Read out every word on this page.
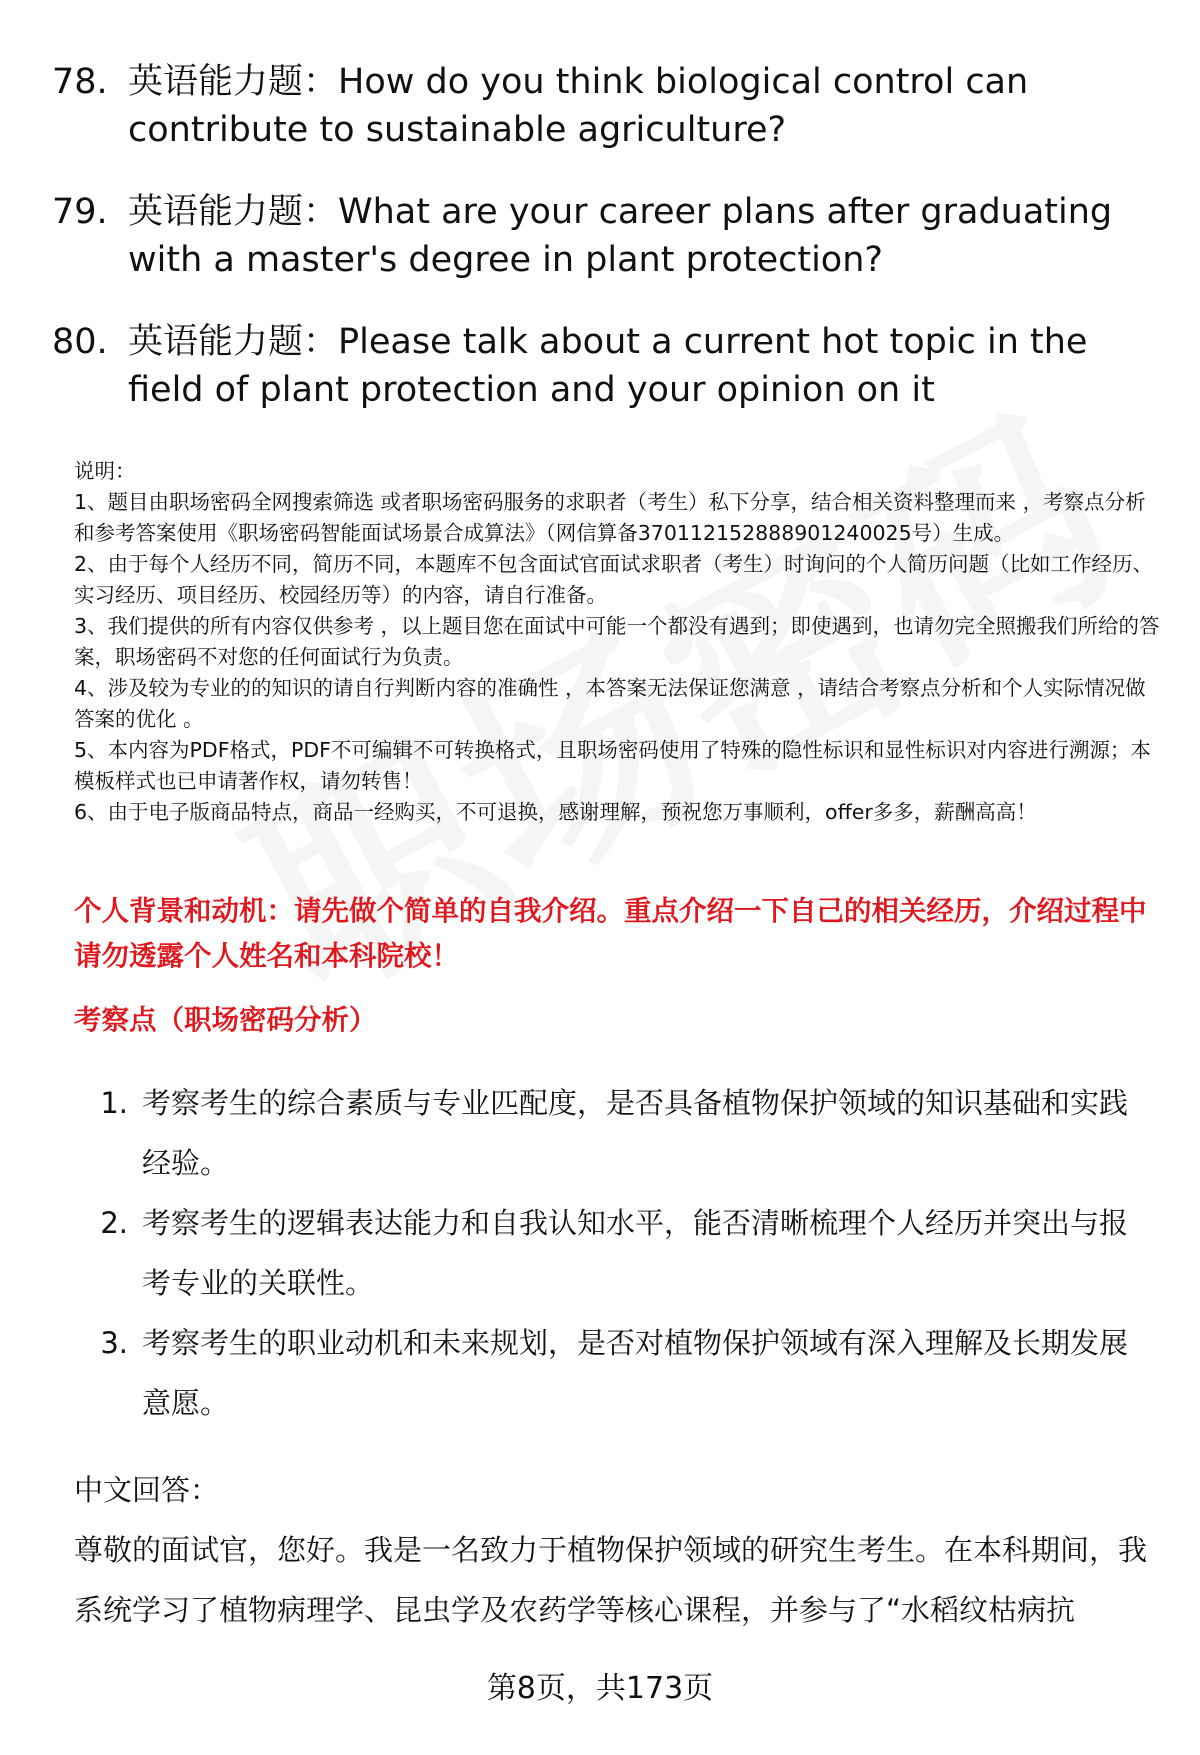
78. 英语能力题：How do you think biological control can contribute to sustainable agriculture?
79. 英语能力题：What are your career plans after graduating with a master's degree in plant protection?
80. 英语能力题：Please talk about a current hot topic in the field of plant protection and your opinion on it

说明：

1、题目由职场密码全网搜索筛选 或者职场密码服务的求职者（考生）私下分享，结合相关资料整理而来 ，考察点分析和参考答案使用《职场密码智能面试场景合成算法》（网信算备370112152888901240025号）生成。

2、由于每个人经历不同，简历不同，本题库不包含面试官面试求职者（考生）时询问的个人简历问题（比如工作经历、实习经历、项目经历、校园经历等）的内容，请自行准备。

3、我们提供的所有内容仅供参考 ，以上题目您在面试中可能一个都没有遇到；即使遇到，也请勿完全照搬我们所给的答案，职场密码不对您的任何面试行为负责。

4、涉及较为专业的的知识的请自行判断内容的准确性 ，本答案无法保证您满意 ，请结合考察点分析和个人实际情况做答案的优化 。

5、本内容为PDF格式，PDF不可编辑不可转换格式，且职场密码使用了特殊的隐性标识和显性标识对内容进行溯源；本模板样式也已申请著作权，请勿转售！

6、由于电子版商品特点，商品一经购买，不可退换，感谢理解，预祝您万事顺利，offer多多，薪酬高高！

个人背景和动机：请先做个简单的自我介绍。重点介绍一下自己的相关经历，介绍过程中请勿透露个人姓名和本科院校！
考察点（职场密码分析）
1. 考察考生的综合素质与专业匹配度，是否具备植物保护领域的知识基础和实践经验。
2. 考察考生的逻辑表达能力和自我认知水平，能否清晰梳理个人经历并突出与报考专业的关联性。
3. 考察考生的职业动机和未来规划，是否对植物保护领域有深入理解及长期发展意愿。

中文回答：

尊敬的面试官，您好。我是一名致力于植物保护领域的研究生考生。在本科期间，我系统学习了植物病理学、昆虫学及农药学等核心课程，并参与了“水稻纹枯病抗

第8页，共173页
